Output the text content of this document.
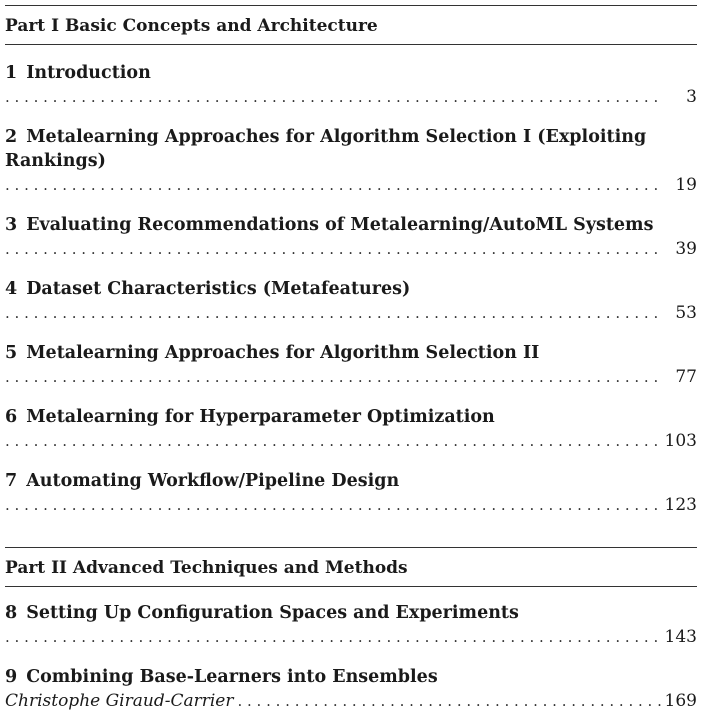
Part I Basic Concepts and Architecture
1 Introduction
. . .
3
2 Metalearning Approaches for Algorithm Selection I (Exploiting Rankings)
. . .
19
3 Evaluating Recommendations of Metalearning/AutoML Systems
. . .
39
4 Dataset Characteristics (Metafeatures)
. . .
53
5 Metalearning Approaches for Algorithm Selection II
. . .
77
6 Metalearning for Hyperparameter Optimization
. . .
103
7 Automating Workflow/Pipeline Design
. . .
123
Part II Advanced Techniques and Methods
8 Setting Up Configuration Spaces and Experiments
. . .
143
9 Combining Base-Learners into Ensembles
Christophe Giraud-Carrier
. . .	169
